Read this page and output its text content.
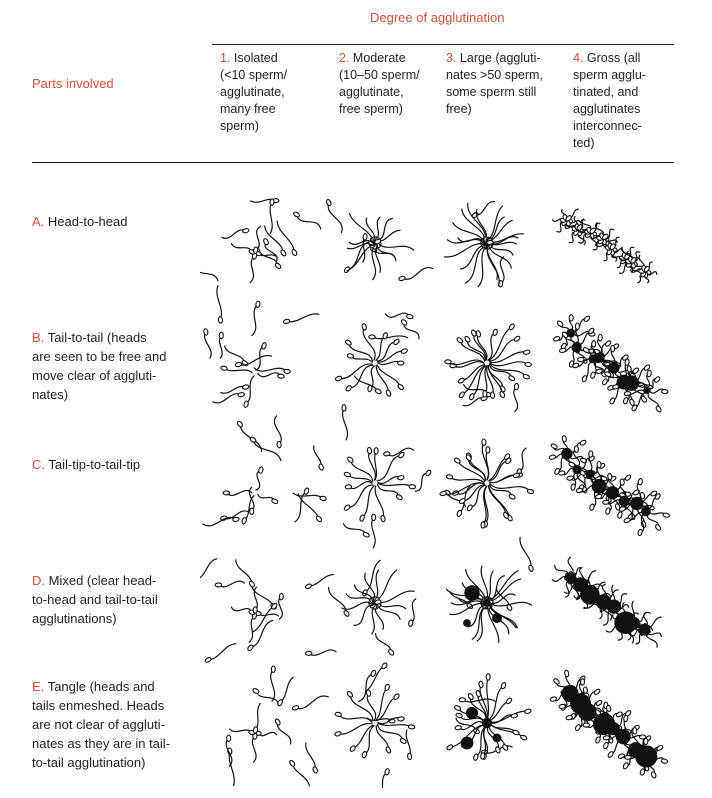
Degree of agglutination
Parts involved
1. Isolated
(<10 sperm/
agglutinate,
many free
sperm)
2. Moderate
(10–50 sperm/
agglutinate,
free sperm)
3. Large (aggluti-
nates >50 sperm,
some sperm still
free)
4. Gross (all
sperm agglu-
tinated, and
agglutinates
interconnec-
ted)
A. Head-to-head
B. Tail-to-tail (heads
are seen to be free and
move clear of aggluti-
nates)
C. Tail-tip-to-tail-tip
D. Mixed (clear head-
to-head and tail-to-tail
agglutinations)
E. Tangle (heads and
tails enmeshed. Heads
are not clear of aggluti-
nates as they are in tail-
to-tail agglutination)
